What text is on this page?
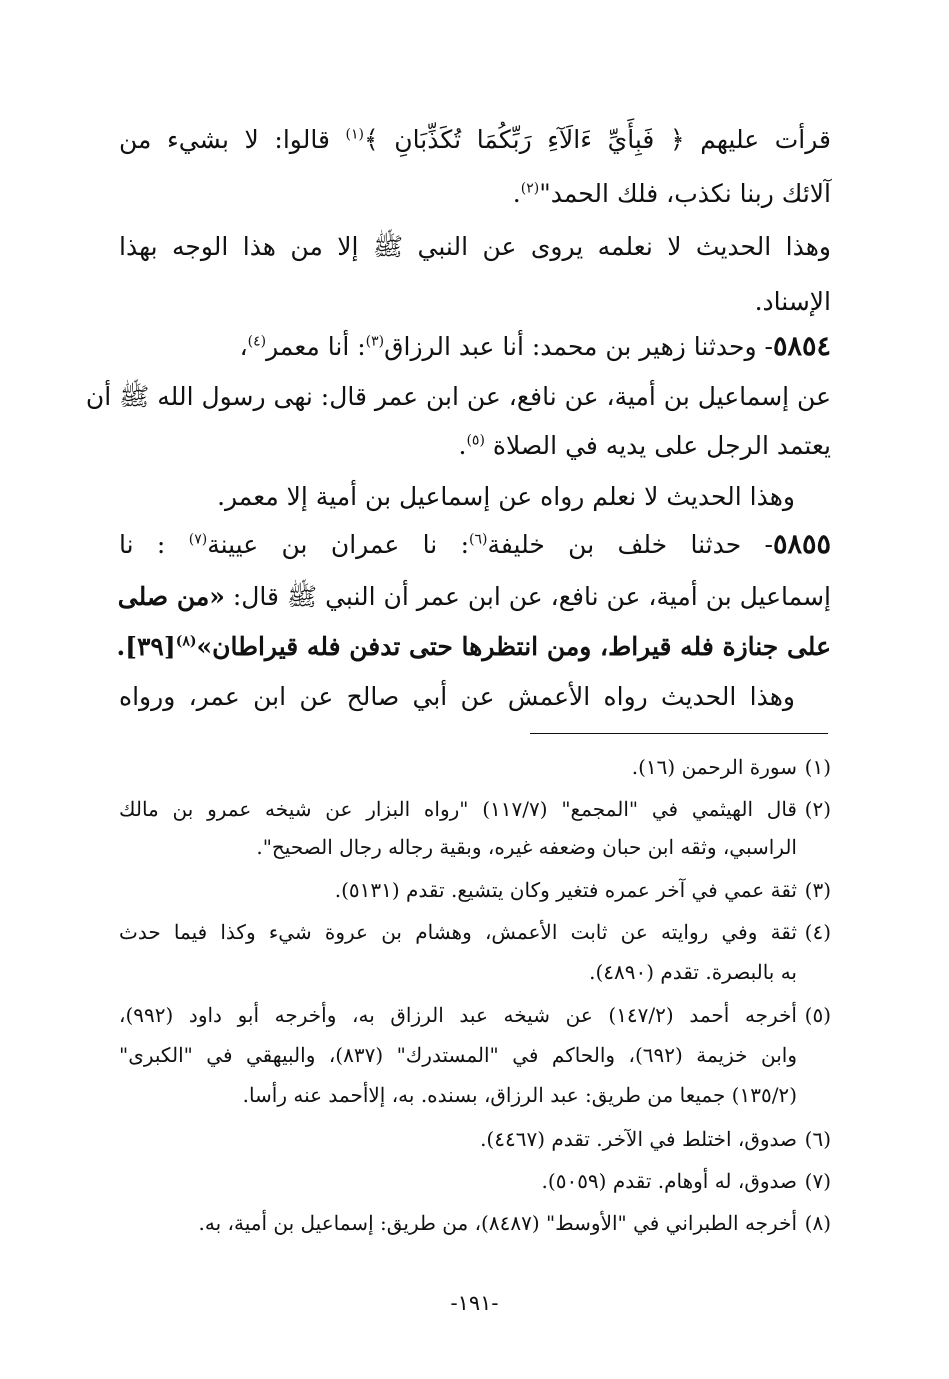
قرأت عليهم ﴿ فَبِأَيِّ ءَالَآءِ رَبِّكُمَا تُكَذِّبَانِ ﴾$^{(١)}$ قالوا: لا بشيء من
آلائك ربنا نكذب، فلك الحمد"$^{(٢)}$.
وهذا الحديث لا نعلمه يروى عن النبي ﷺ إلا من هذا الوجه بهذا
الإسناد.
٥٨٥٤- وحدثنا زهير بن محمد: أنا عبد الرزاق$^{(٣)}$: أنا معمر$^{(٤)}$،
عن إسماعيل بن أمية، عن نافع، عن ابن عمر قال: نهى رسول الله ﷺ أن
يعتمد الرجل على يديه في الصلاة $^{(٥)}$.
وهذا الحديث لا نعلم رواه عن إسماعيل بن أمية إلا معمر.
٥٨٥٥- حدثنا خلف بن خليفة$^{(٦)}$: نا عمران بن عيينة$^{(٧)}$ : نا
إسماعيل بن أمية، عن نافع، عن ابن عمر أن النبي ﷺ قال: «من صلى
على جنازة فله قيراط، ومن انتظرها حتى تدفن فله قيراطان»$^{(٨)}$[٣٩].
وهذا الحديث رواه الأعمش عن أبي صالح عن ابن عمر، ورواه
(١)سورة الرحمن (١٦).
(٢)قال الهيثمي في "المجمع" (١١٧/٧) "رواه البزار عن شيخه عمرو بن مالك
الراسبي، وثقه ابن حبان وضعفه غيره، وبقية رجاله رجال الصحيح".
(٣)ثقة عمي في آخر عمره فتغير وكان يتشيع. تقدم (٥١٣١).
(٤)ثقة وفي روايته عن ثابت الأعمش، وهشام بن عروة شيء وكذا فيما حدث
به بالبصرة. تقدم (٤٨٩٠).
(٥)أخرجه أحمد (١٤٧/٢) عن شيخه عبد الرزاق به، وأخرجه أبو داود (٩٩٢)،
وابن خزيمة (٦٩٢)، والحاكم في "المستدرك" (٨٣٧)، والبيهقي في "الكبرى"
(١٣٥/٢) جميعا من طريق: عبد الرزاق، بسنده. به، إلاأحمد عنه رأسا.
(٦)صدوق، اختلط في الآخر. تقدم (٤٤٦٧).
(٧)صدوق، له أوهام. تقدم (٥٠٥٩).
(٨)أخرجه الطبراني في "الأوسط" (٨٤٨٧)، من طريق: إسماعيل بن أمية، به.
-١٩١-
